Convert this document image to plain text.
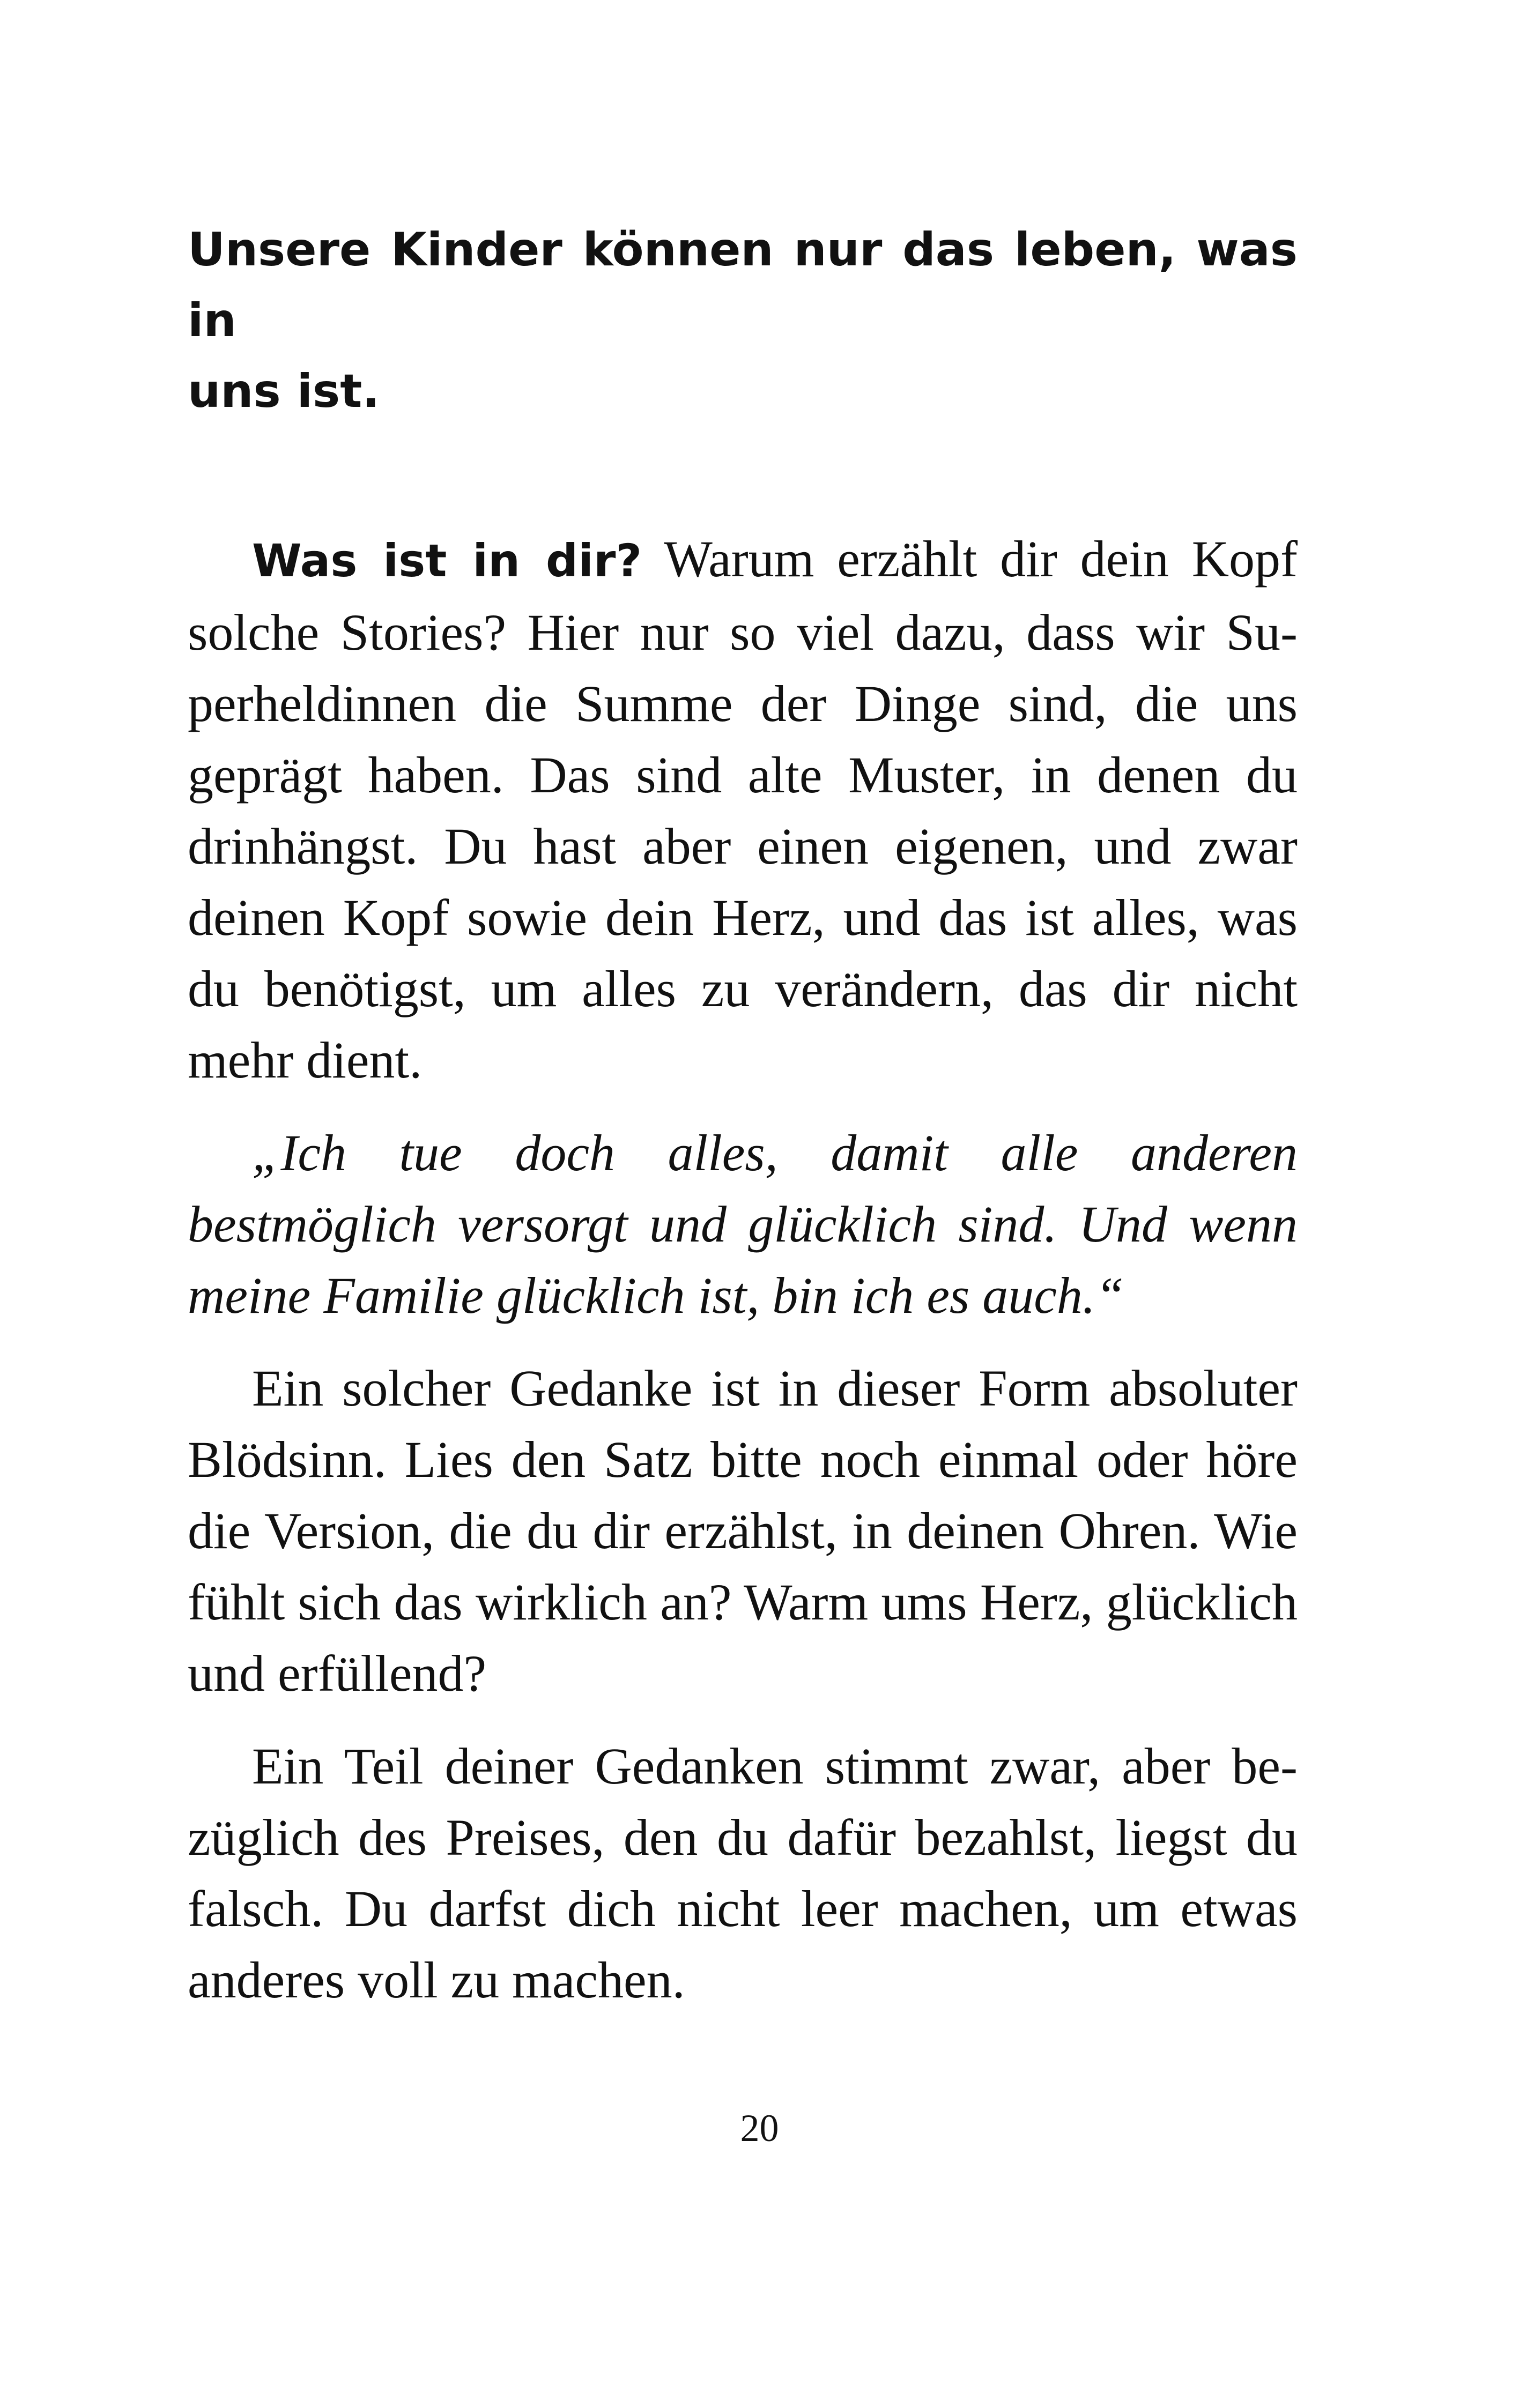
Unsere Kinder können nur das leben, was in
uns ist.

Was ist in dir? Warum erzählt dir dein Kopf solche Stories? Hier nur so viel dazu, dass wir Superheldinnen die Summe der Dinge sind, die uns geprägt haben. Das sind alte Muster, in denen du drinhängst. Du hast aber einen eigenen, und zwar deinen Kopf sowie dein Herz, und das ist alles, was du benötigst, um alles zu verändern, das dir nicht mehr dient.

„Ich tue doch alles, damit alle anderen bestmöglich versorgt und glücklich sind. Und wenn meine Familie glücklich ist, bin ich es auch.“

Ein solcher Gedanke ist in dieser Form absoluter Blödsinn. Lies den Satz bitte noch einmal oder höre die Version, die du dir erzählst, in deinen Ohren. Wie fühlt sich das wirklich an? Warm ums Herz, glücklich und erfüllend?

Ein Teil deiner Gedanken stimmt zwar, aber bezüglich des Preises, den du dafür bezahlst, liegst du falsch. Du darfst dich nicht leer machen, um etwas anderes voll zu machen.

20
